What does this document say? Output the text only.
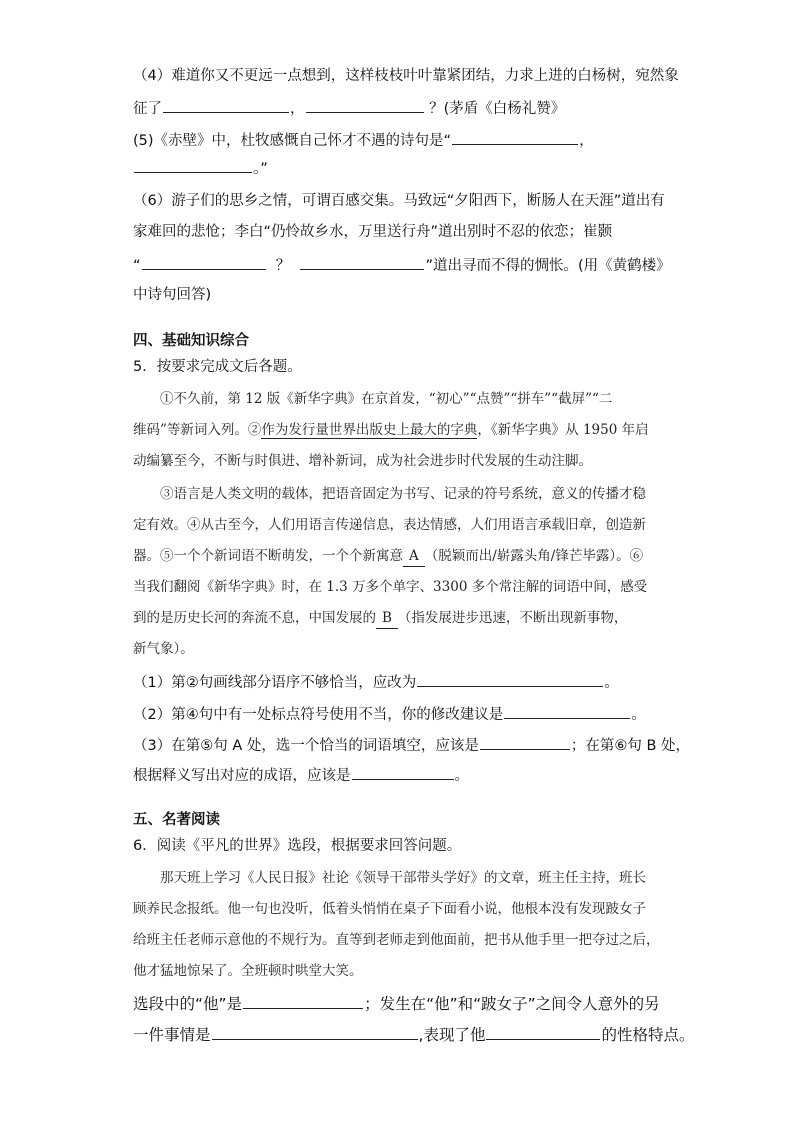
（4）难道你又不更远一点想到，这样枝枝叶叶靠紧团结，力求上进的白杨树，宛然象
征了	，	？(茅盾《白杨礼赞》
(5)《赤壁》中，杜牧感慨自己怀才不遇的诗句是“	，
。”
（6）游子们的思乡之情，可谓百感交集。马致远“夕阳西下，断肠人在天涯”道出有
家难回的悲怆；李白“仍怜故乡水，万里送行舟”道出别时不忍的依恋；崔颢
“	？	”道出寻而不得的惆怅。(用《黄鹤楼》
中诗句回答)
四、基础知识综合
5．按要求完成文后各题。
①不久前，第 12 版《新华字典》在京首发，“初心”“点赞”“拼车”“截屏”“二
维码”等新词入列。②作为发行量世界出版史上最大的字典，《新华字典》从 1950 年启
动编纂至今，不断与时俱进、增补新词，成为社会进步时代发展的生动注脚。
③语言是人类文明的载体，把语音固定为书写、记录的符号系统，意义的传播才稳
定有效。④从古至今，人们用语言传递信息，表达情感，人们用语言承载旧章，创造新
器。⑤一个个新词语不断萌发，一个个新寓意 A （脱颖而出/崭露头角/锋芒毕露）。⑥
当我们翻阅《新华字典》时，在 1.3 万多个单字、3300 多个常注解的词语中间，感受
到的是历史长河的奔流不息，中国发展的 B （指发展进步迅速，不断出现新事物，
新气象）。
（1）第②句画线部分语序不够恰当，应改为	。
（2）第④句中有一处标点符号使用不当，你的修改建议是	。
（3）在第⑤句 A 处，选一个恰当的词语填空，应该是	；在第⑥句 B 处，
根据释义写出对应的成语，应该是	。
五、名著阅读
6．阅读《平凡的世界》选段，根据要求回答问题。
那天班上学习《人民日报》社论《领导干部带头学好》的文章，班主任主持，班长
顾养民念报纸。他一句也没听，低着头悄悄在桌子下面看小说，他根本没有发现跛女子
给班主任老师示意他的不规行为。直等到老师走到他面前，把书从他手里一把夺过之后，
他才猛地惊呆了。全班顿时哄堂大笑。
选段中的“他”是	；发生在“他”和“跛女子”之间令人意外的另
一件事情是	,表现了他	的性格特点。
